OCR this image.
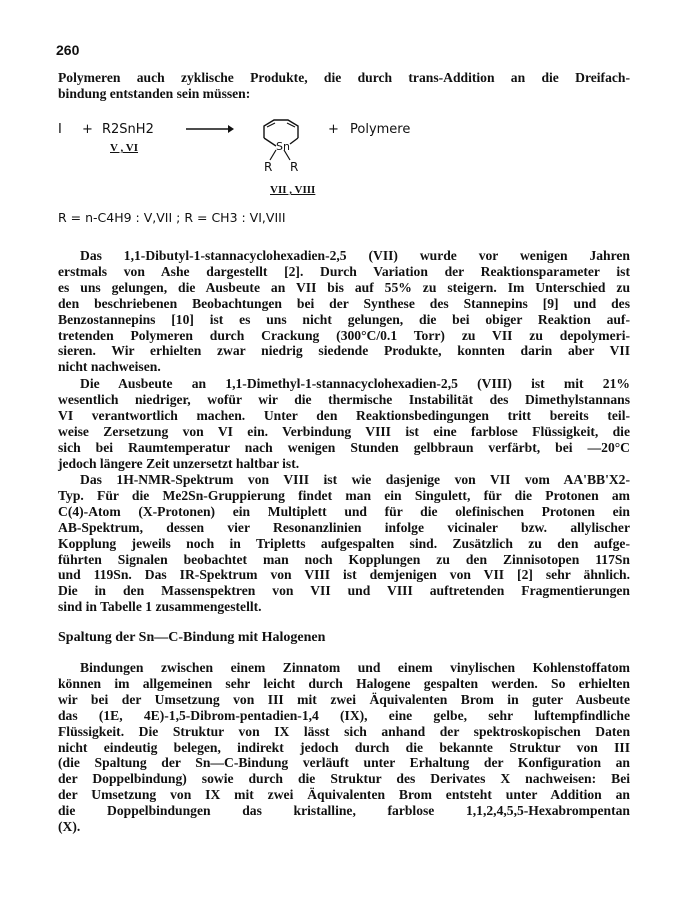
260
Polymeren auch zyklische Produkte, die durch trans-Addition an die Dreifach-
bindung entstanden sein müssen:
I + R2SnH2
V , VI	Sn
R R
VII , VIII
+ Polymere
R = n-C4H9 : V,VII ; R = CH3 : VI,VIII
Das 1,1-Dibutyl-1-stannacyclohexadien-2,5 (VII) wurde vor wenigen Jahren
erstmals von Ashe dargestellt [2]. Durch Variation der Reaktionsparameter ist
es uns gelungen, die Ausbeute an VII bis auf 55% zu steigern. Im Unterschied zu
den beschriebenen Beobachtungen bei der Synthese des Stannepins [9] und des
Benzostannepins [10] ist es uns nicht gelungen, die bei obiger Reaktion auf-
tretenden Polymeren durch Crackung (300°C/0.1 Torr) zu VII zu depolymeri-
sieren. Wir erhielten zwar niedrig siedende Produkte, konnten darin aber VII
nicht nachweisen.
Die Ausbeute an 1,1-Dimethyl-1-stannacyclohexadien-2,5 (VIII) ist mit 21%
wesentlich niedriger, wofür wir die thermische Instabilität des Dimethylstannans
VI verantwortlich machen. Unter den Reaktionsbedingungen tritt bereits teil-
weise Zersetzung von VI ein. Verbindung VIII ist eine farblose Flüssigkeit, die
sich bei Raumtemperatur nach wenigen Stunden gelbbraun verfärbt, bei —20°C
jedoch längere Zeit unzersetzt haltbar ist.
Das 1H-NMR-Spektrum von VIII ist wie dasjenige von VII vom AA'BB'X2-
Typ. Für die Me2Sn-Gruppierung findet man ein Singulett, für die Protonen am
C(4)-Atom (X-Protonen) ein Multiplett und für die olefinischen Protonen ein
AB-Spektrum, dessen vier Resonanzlinien infolge vicinaler bzw. allylischer
Kopplung jeweils noch in Tripletts aufgespalten sind. Zusätzlich zu den aufge-
führten Signalen beobachtet man noch Kopplungen zu den Zinnisotopen 117Sn
und 119Sn. Das IR-Spektrum von VIII ist demjenigen von VII [2] sehr ähnlich.
Die in den Massenspektren von VII und VIII auftretenden Fragmentierungen
sind in Tabelle 1 zusammengestellt.
Spaltung der Sn—C-Bindung mit Halogenen
Bindungen zwischen einem Zinnatom und einem vinylischen Kohlenstoffatom
können im allgemeinen sehr leicht durch Halogene gespalten werden. So erhielten
wir bei der Umsetzung von III mit zwei Äquivalenten Brom in guter Ausbeute
das (1E, 4E)-1,5-Dibrom-pentadien-1,4 (IX), eine gelbe, sehr luftempfindliche
Flüssigkeit. Die Struktur von IX lässt sich anhand der spektroskopischen Daten
nicht eindeutig belegen, indirekt jedoch durch die bekannte Struktur von III
(die Spaltung der Sn—C-Bindung verläuft unter Erhaltung der Konfiguration an
der Doppelbindung) sowie durch die Struktur des Derivates X nachweisen: Bei
der Umsetzung von IX mit zwei Äquivalenten Brom entsteht unter Addition an
die Doppelbindungen das kristalline, farblose 1,1,2,4,5,5-Hexabrompentan
(X).
